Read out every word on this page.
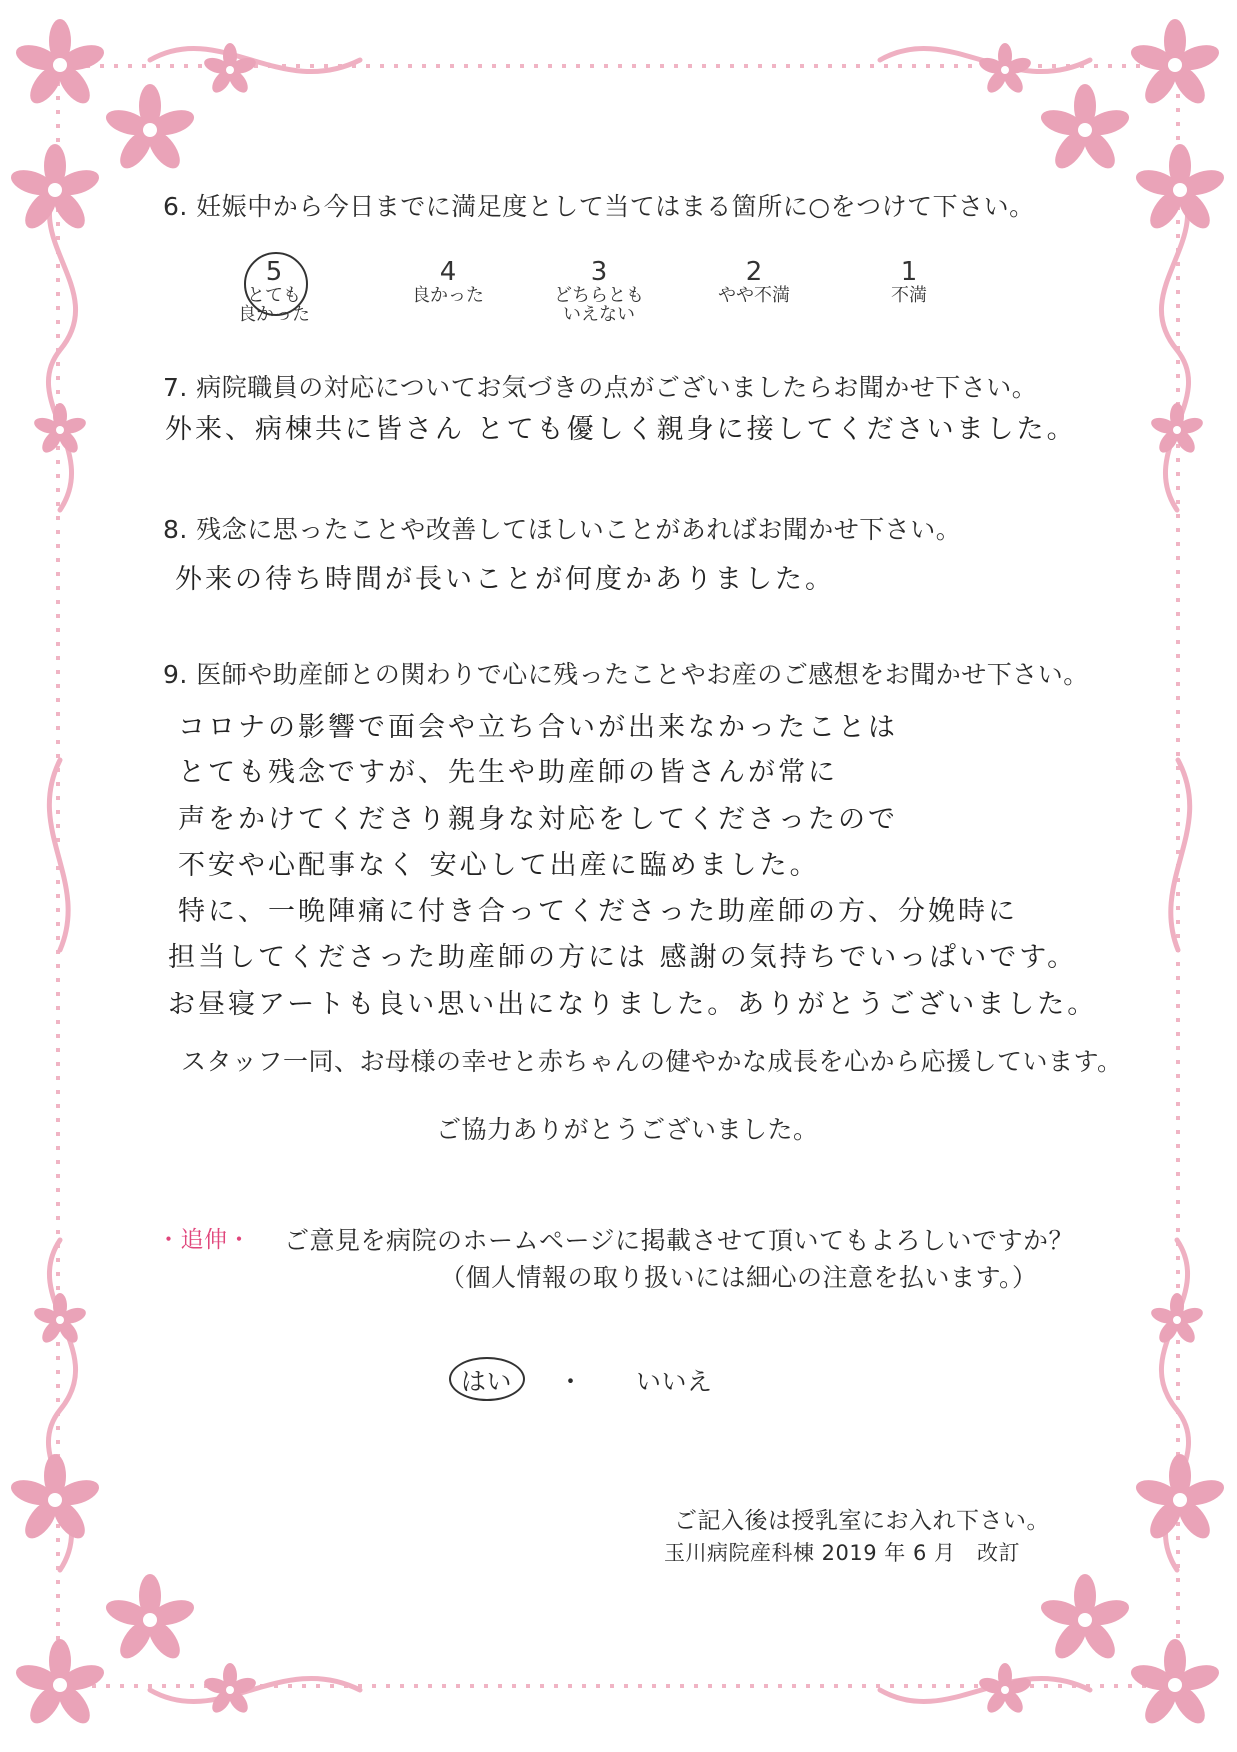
6. 妊娠中から今日までに満足度として当てはまる箇所に○をつけて下さい。
5
とても
良かった
4
良かった
3
どちらとも
いえない
2
やや不満
1
不満
7. 病院職員の対応についてお気づきの点がございましたらお聞かせ下さい。
外来、病棟共に皆さん とても優しく親身に接してくださいました。
8. 残念に思ったことや改善してほしいことがあればお聞かせ下さい。
外来の待ち時間が長いことが何度かありました。
9. 医師や助産師との関わりで心に残ったことやお産のご感想をお聞かせ下さい。
コロナの影響で面会や立ち合いが出来なかったことは
とても残念ですが、先生や助産師の皆さんが常に
声をかけてくださり親身な対応をしてくださったので
不安や心配事なく 安心して出産に臨めました。
特に、一晩陣痛に付き合ってくださった助産師の方、分娩時に
担当してくださった助産師の方には 感謝の気持ちでいっぱいです。
お昼寝アートも良い思い出になりました。ありがとうございました。
スタッフ一同、お母様の幸せと赤ちゃんの健やかな成長を心から応援しています。
ご協力ありがとうございました。
・追伸・ ご意見を病院のホームページに掲載させて頂いてもよろしいですか？
（個人情報の取り扱いには細心の注意を払います。）
はい ・ いいえ
ご記入後は授乳室にお入れ下さい。
玉川病院産科棟 2019 年 6 月　改訂
